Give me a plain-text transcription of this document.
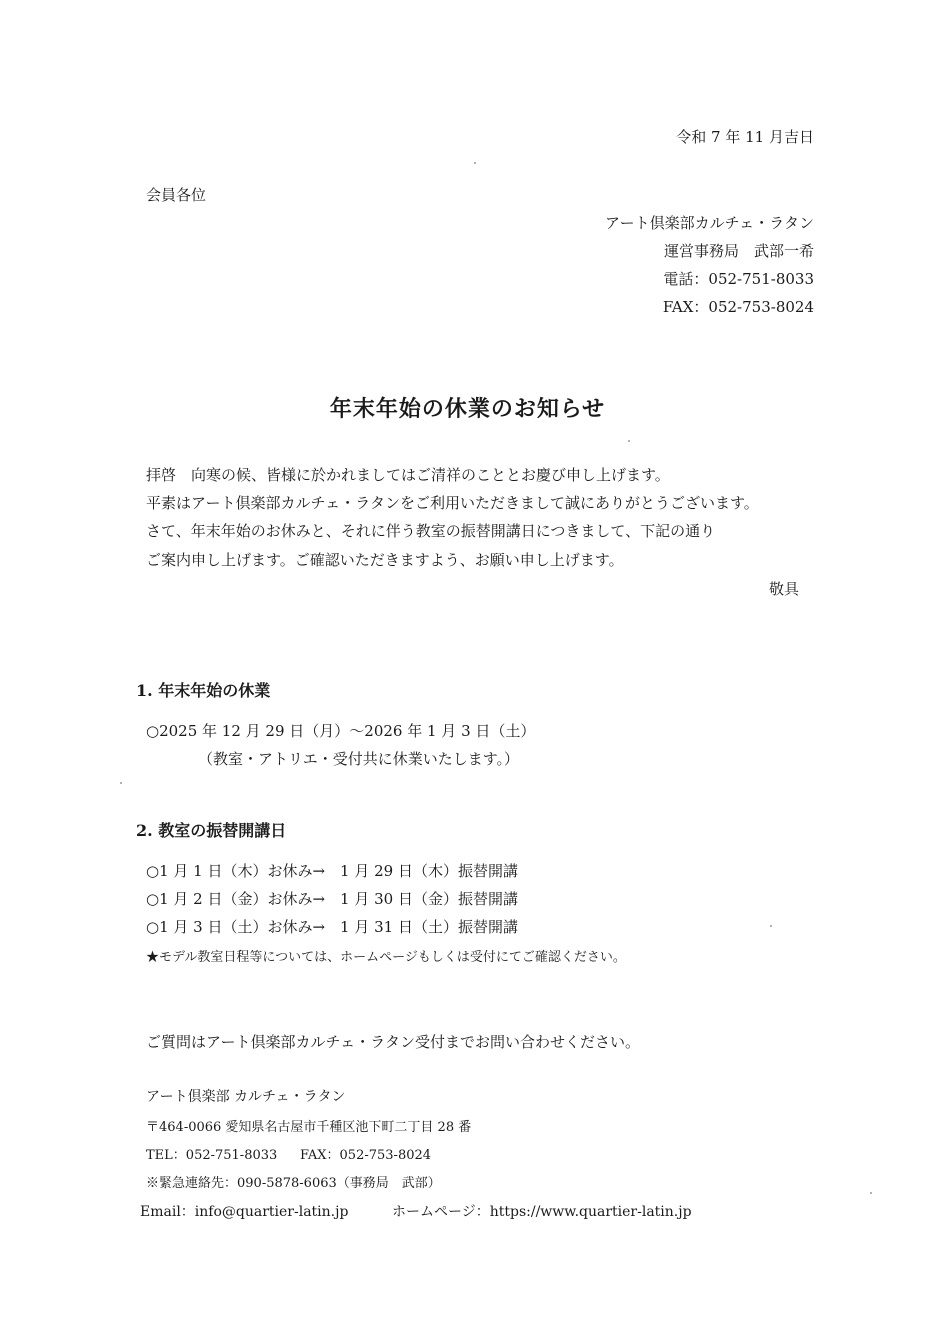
令和 7 年 11 月吉日
会員各位
アート倶楽部カルチェ・ラタン
運営事務局　武部一希
電話：052-751-8033
FAX：052-753-8024
年末年始の休業のお知らせ
拝啓　向寒の候、皆様に於かれましてはご清祥のこととお慶び申し上げます。
平素はアート倶楽部カルチェ・ラタンをご利用いただきまして誠にありがとうございます。
さて、年末年始のお休みと、それに伴う教室の振替開講日につきまして、下記の通り
ご案内申し上げます。ご確認いただきますよう、お願い申し上げます。
敬具
1. 年末年始の休業
○2025 年 12 月 29 日（月）～2026 年 1 月 3 日（土）
（教室・アトリエ・受付共に休業いたします。）
2. 教室の振替開講日
○1 月 1 日（木）お休み→　1 月 29 日（木）振替開講
○1 月 2 日（金）お休み→　1 月 30 日（金）振替開講
○1 月 3 日（土）お休み→　1 月 31 日（土）振替開講
★モデル教室日程等については、ホームページもしくは受付にてご確認ください。
ご質問はアート倶楽部カルチェ・ラタン受付までお問い合わせください。
アート倶楽部 カルチェ・ラタン
〒464-0066 愛知県名古屋市千種区池下町二丁目 28 番
TEL：052-751-8033 FAX：052-753-8024
※緊急連絡先：090-5878-6063（事務局　武部）
Email：info@quartier-latin.jp	ホームページ：https://www.quartier-latin.jp
